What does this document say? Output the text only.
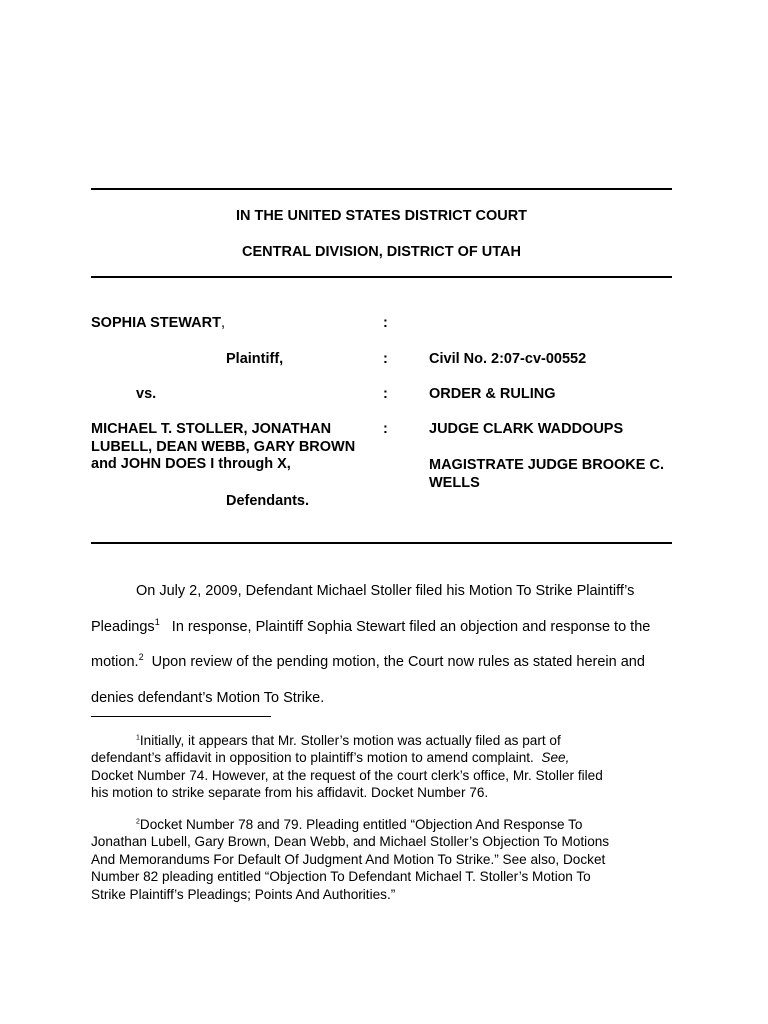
IN THE UNITED STATES DISTRICT COURT
CENTRAL DIVISION, DISTRICT OF UTAH

SOPHIA STEWART,

Plaintiff,

vs.

MICHAEL T. STOLLER, JONATHAN
LUBELL, DEAN WEBB, GARY BROWN
and JOHN DOES I through X,

Defendants.

:

:

:

:

Civil No. 2:07-cv-00552

ORDER & RULING

JUDGE CLARK WADDOUPS

MAGISTRATE JUDGE BROOKE C.
WELLS

On July 2, 2009, Defendant Michael Stoller filed his Motion To Strike Plaintiff’s
Pleadings$^1$   In response, Plaintiff Sophia Stewart filed an objection and response to the
motion.$^2$  Upon review of the pending motion, the Court now rules as stated herein and
denies defendant’s Motion To Strike.

$^1$Initially, it appears that Mr. Stoller’s motion was actually filed as part of
defendant’s affidavit in opposition to plaintiff’s motion to amend complaint.  See,
Docket Number 74. However, at the request of the court clerk’s office, Mr. Stoller filed
his motion to strike separate from his affidavit. Docket Number 76.

$^2$Docket Number 78 and 79. Pleading entitled “Objection And Response To
Jonathan Lubell, Gary Brown, Dean Webb, and Michael Stoller’s Objection To Motions
And Memorandums For Default Of Judgment And Motion To Strike.” See also, Docket
Number 82 pleading entitled “Objection To Defendant Michael T. Stoller’s Motion To
Strike Plaintiff’s Pleadings; Points And Authorities.”
